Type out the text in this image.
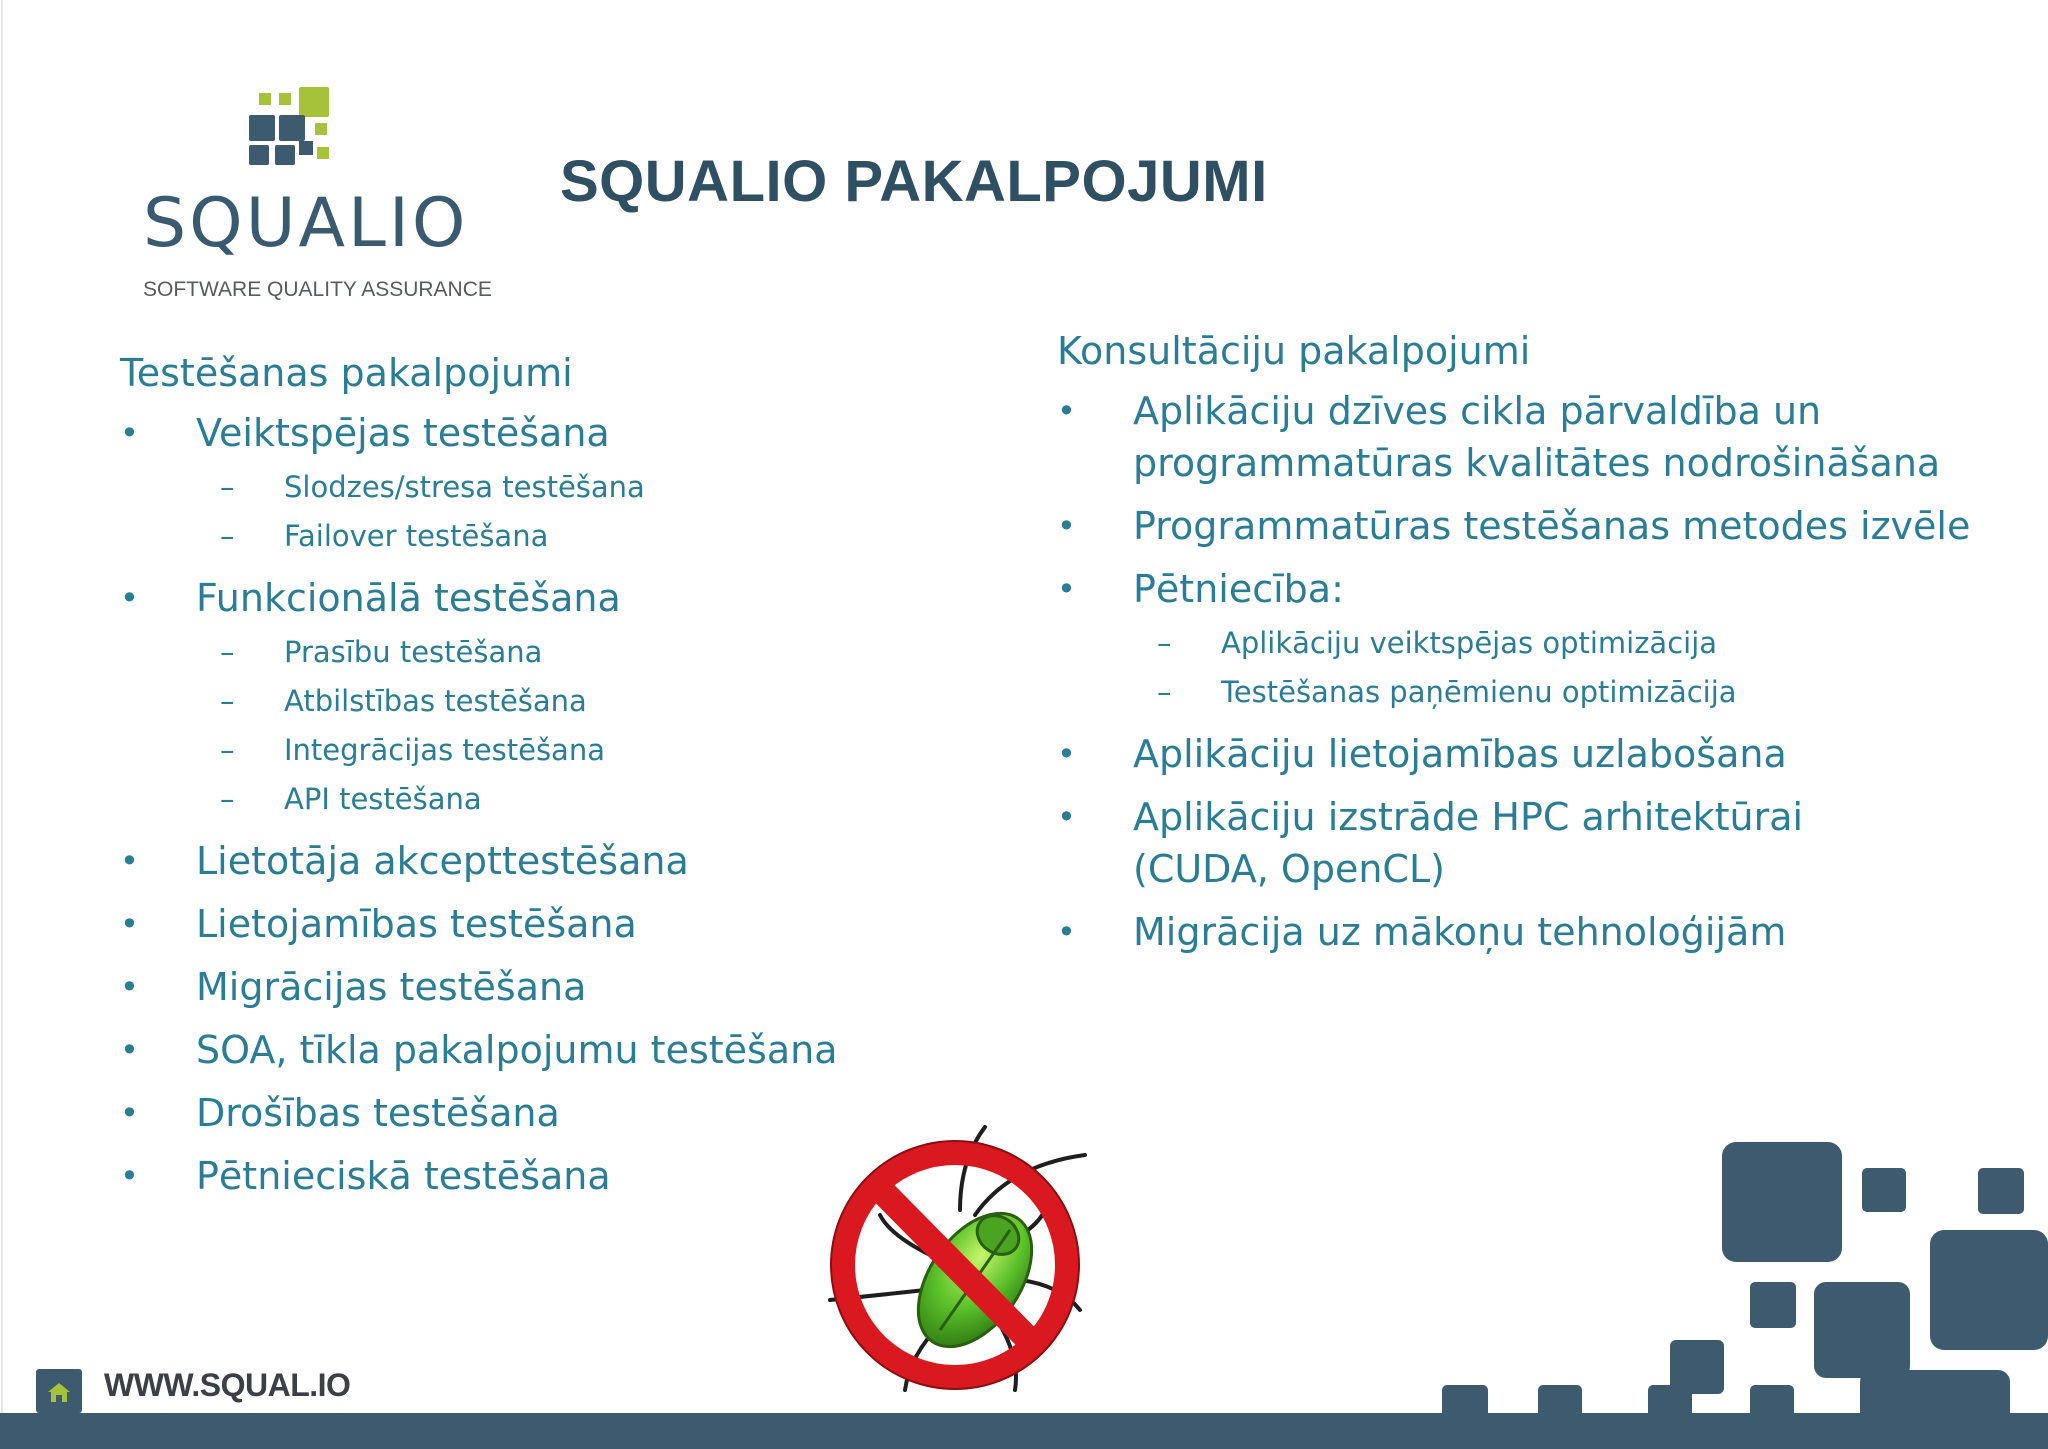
SQUALIO
SOFTWARE QUALITY ASSURANCE
SQUALIO PAKALPOJUMI
Testēšanas pakalpojumi
• Veiktspējas testēšana
– Slodzes/stresa testēšana
– Failover testēšana
• Funkcionālā testēšana
– Prasību testēšana
– Atbilstības testēšana
– Integrācijas testēšana
– API testēšana
• Lietotāja akcepttestēšana
• Lietojamības testēšana
• Migrācijas testēšana
• SOA, tīkla pakalpojumu testēšana
• Drošības testēšana
• Pētnieciskā testēšana
Konsultāciju pakalpojumi
• Aplikāciju dzīves cikla pārvaldība un programmatūras kvalitātes nodrošināšana
• Programmatūras testēšanas metodes izvēle
• Pētniecība:
– Aplikāciju veiktspējas optimizācija
– Testēšanas paņēmienu optimizācija
• Aplikāciju lietojamības uzlabošana
• Aplikāciju izstrāde HPC arhitektūrai (CUDA, OpenCL)
• Migrācija uz mākoņu tehnoloģijām
WWW.SQUAL.IO
